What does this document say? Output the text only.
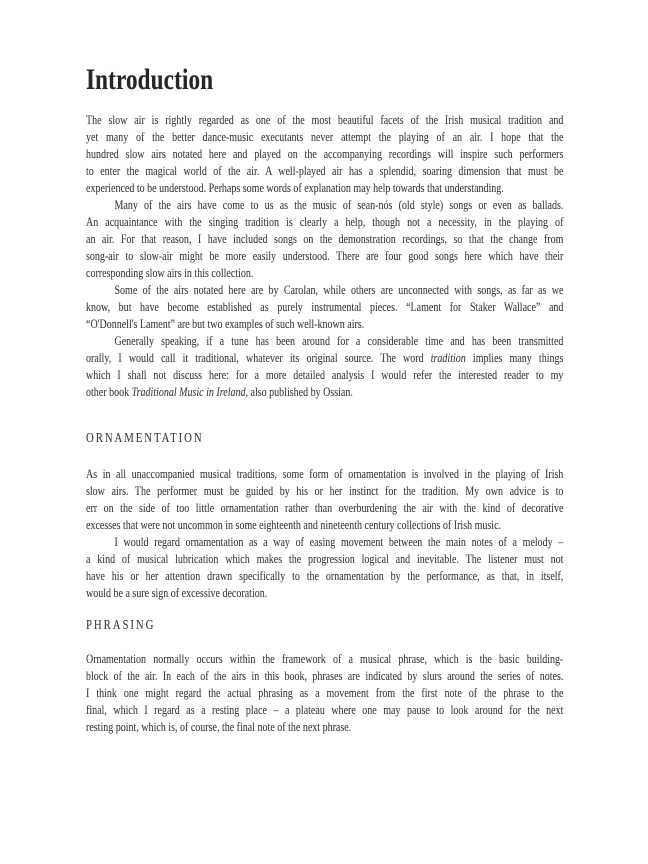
Introduction
The slow air is rightly regarded as one of the most beautiful facets of the Irish musical tradition and
yet many of the better dance-music executants never attempt the playing of an air. I hope that the
hundred slow airs notated here and played on the accompanying recordings will inspire such performers
to enter the magical world of the air. A well-played air has a splendid, soaring dimension that must be
experienced to be understood. Perhaps some words of explanation may help towards that understanding.
Many of the airs have come to us as the music of sean-nós (old style) songs or even as ballads.
An acquaintance with the singing tradition is clearly a help, though not a necessity, in the playing of
an air. For that reason, I have included songs on the demonstration recordings, so that the change from
song-air to slow-air might be more easily understood. There are four good songs here which have their
corresponding slow airs in this collection.
Some of the airs notated here are by Carolan, while others are unconnected with songs, as far as we
know, but have become established as purely instrumental pieces. “Lament for Staker Wallace” and
“O'Donnell's Lament” are but two examples of such well-known airs.
Generally speaking, if a tune has been around for a considerable time and has been transmitted
orally, I would call it traditional, whatever its original source. The word tradition implies many things
which I shall not discuss here: for a more detailed analysis I would refer the interested reader to my
other book Traditional Music in Ireland, also published by Ossian.
ORNAMENTATION
As in all unaccompanied musical traditions, some form of ornamentation is involved in the playing of Irish
slow airs. The performer must be guided by his or her instinct for the tradition. My own advice is to
err on the side of too little ornamentation rather than overburdening the air with the kind of decorative
excesses that were not uncommon in some eighteenth and nineteenth century collections of Irish music.
I would regard ornamentation as a way of easing movement between the main notes of a melody –
a kind of musical lubrication which makes the progression logical and inevitable. The listener must not
have his or her attention drawn specifically to the ornamentation by the performance, as that, in itself,
would be a sure sign of excessive decoration.
PHRASING
Ornamentation normally occurs within the framework of a musical phrase, which is the basic building-
block of the air. In each of the airs in this book, phrases are indicated by slurs around the series of notes.
I think one might regard the actual phrasing as a movement from the first note of the phrase to the
final, which I regard as a resting place – a plateau where one may pause to look around for the next
resting point, which is, of course, the final note of the next phrase.
